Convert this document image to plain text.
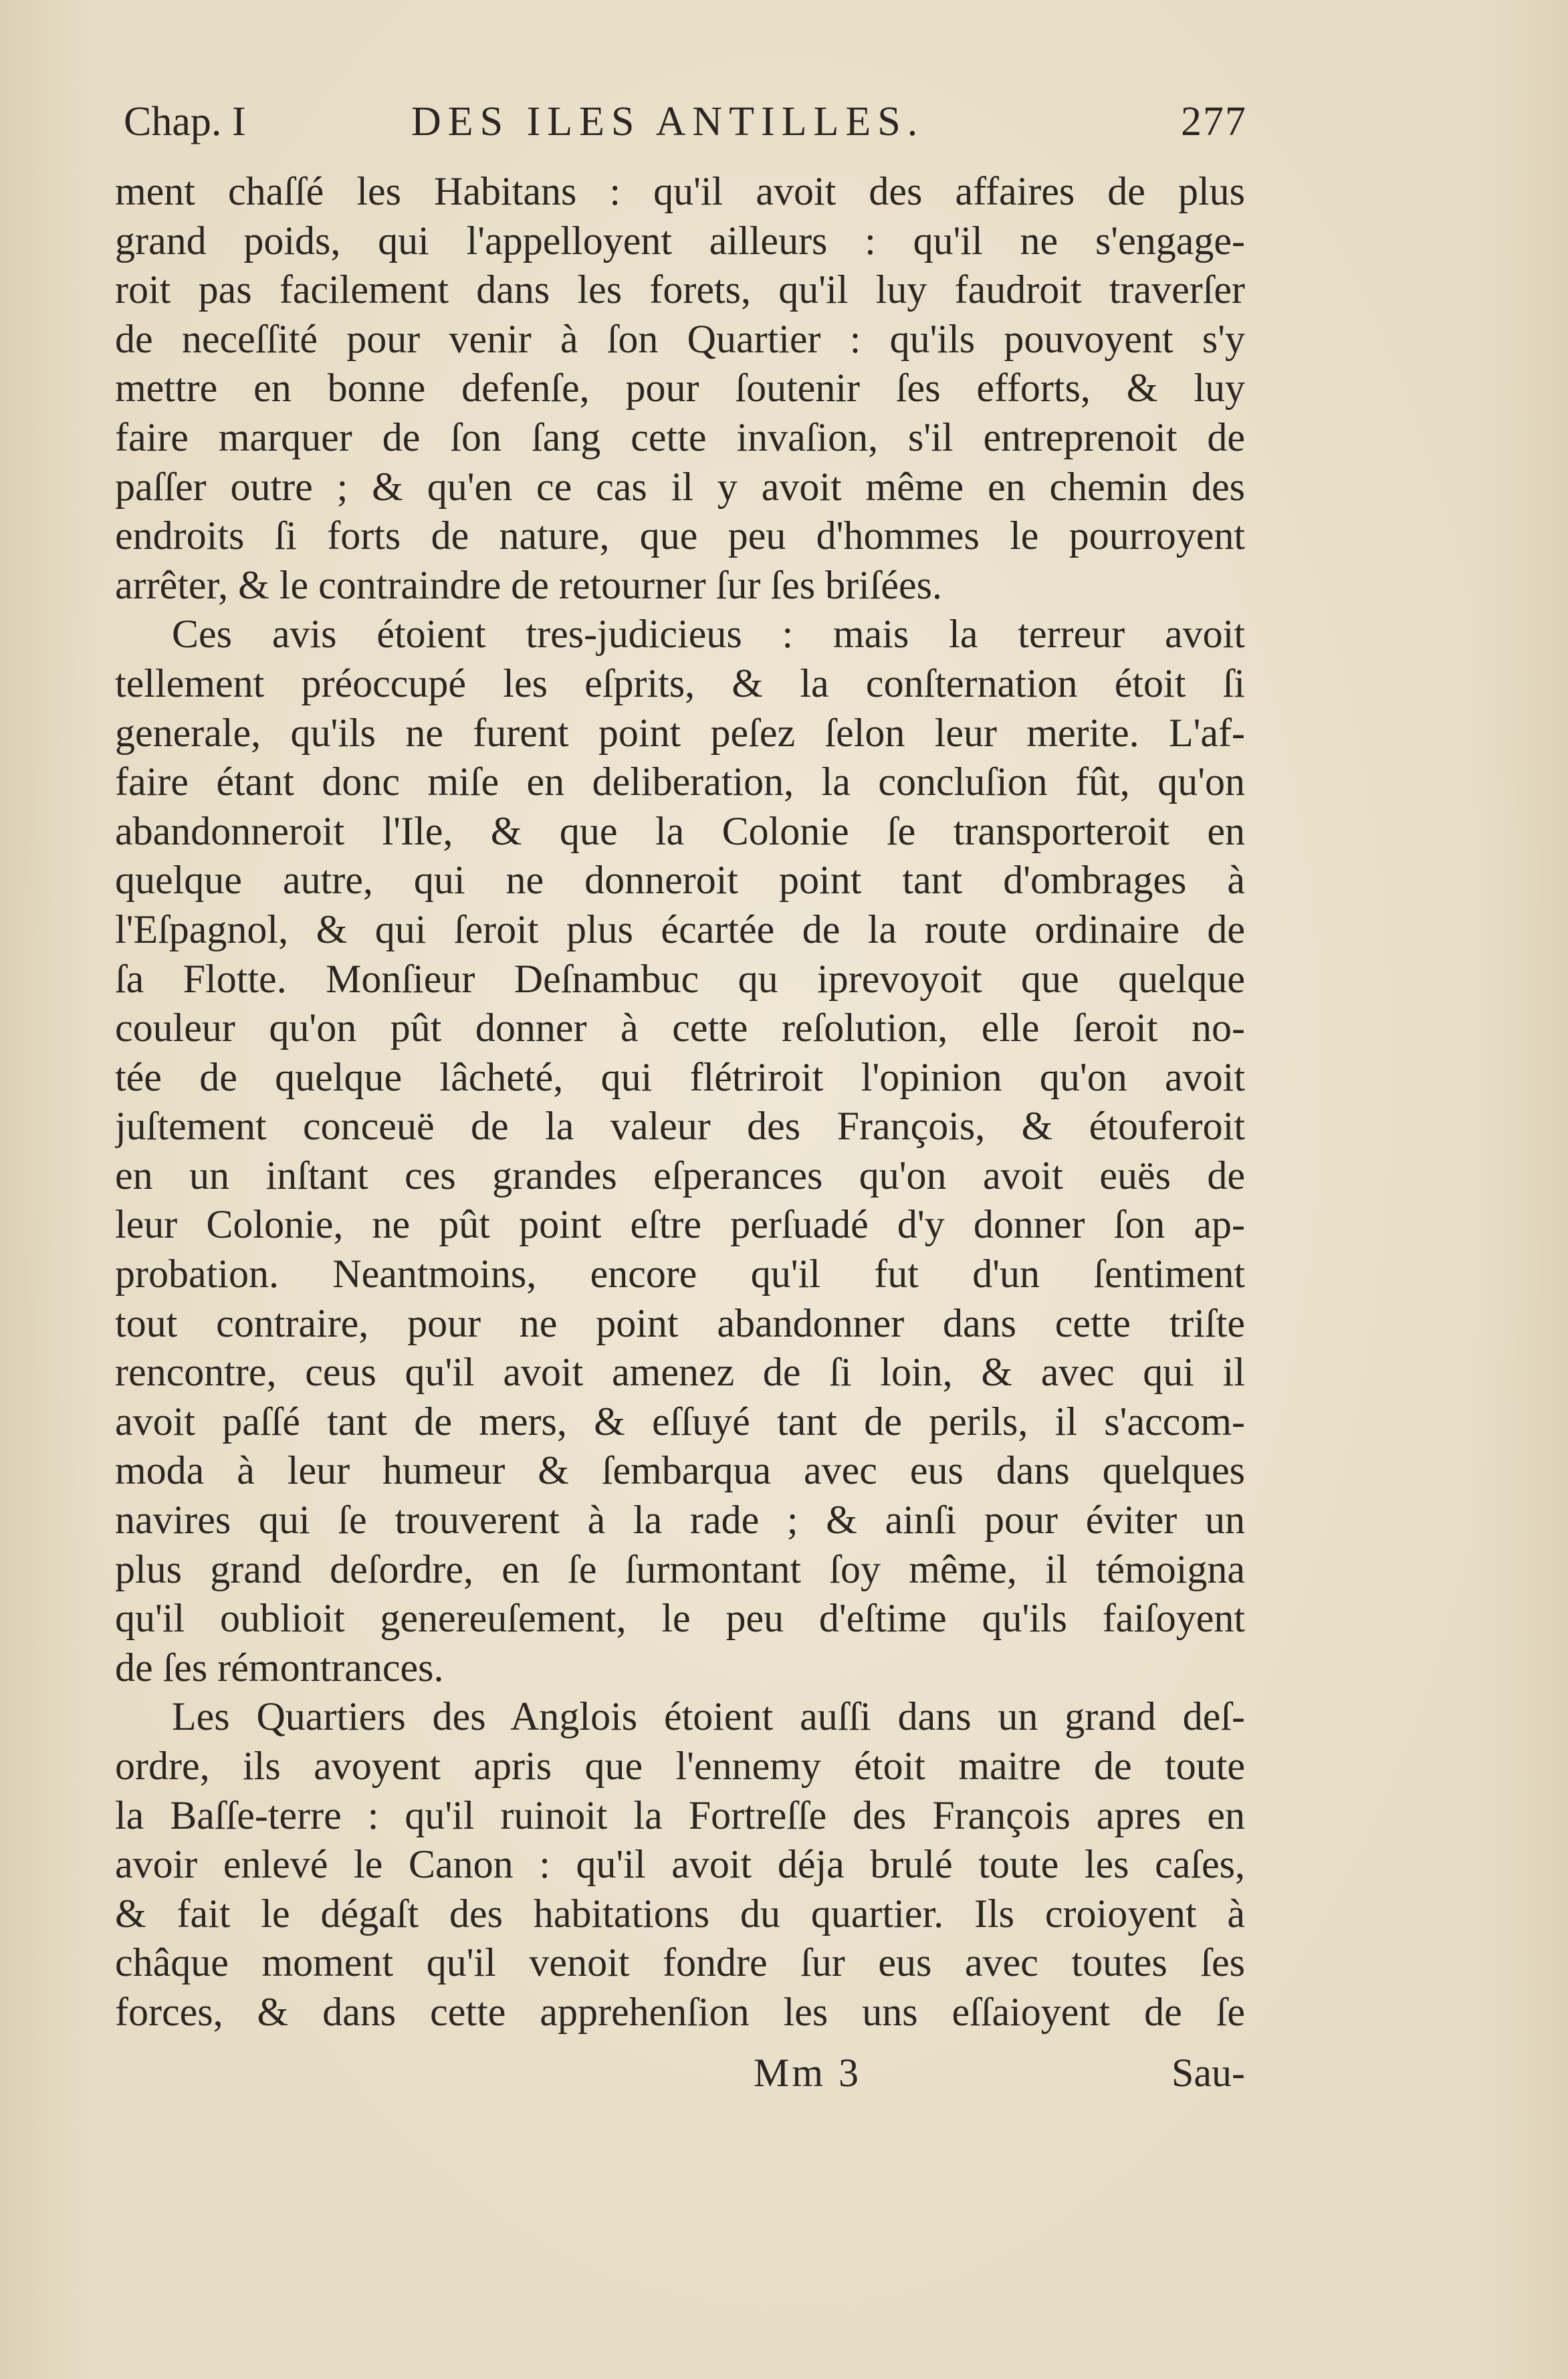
Chap. I	DES ILES ANTILLES.	277
ment chaſſé les Habitans : qu'il avoit des affaires de plus
grand poids, qui l'appelloyent ailleurs : qu'il ne s'engage-
roit pas facilement dans les forets, qu'il luy faudroit traverſer
de neceſſité pour venir à ſon Quartier : qu'ils pouvoyent s'y
mettre en bonne defenſe, pour ſoutenir ſes efforts, & luy
faire marquer de ſon ſang cette invaſion, s'il entreprenoit de
paſſer outre ; & qu'en ce cas il y avoit même en chemin des
endroits ſi forts de nature, que peu d'hommes le pourroyent
arrêter, & le contraindre de retourner ſur ſes briſées.
Ces avis étoient tres-judicieus : mais la terreur avoit
tellement préoccupé les eſprits, & la conſternation étoit ſi
generale, qu'ils ne furent point peſez ſelon leur merite. L'af-
faire étant donc miſe en deliberation, la concluſion fût, qu'on
abandonneroit l'Ile, & que la Colonie ſe transporteroit en
quelque autre, qui ne donneroit point tant d'ombrages à
l'Eſpagnol, & qui ſeroit plus écartée de la route ordinaire de
ſa Flotte. Monſieur Deſnambuc qu iprevoyoit que quelque
couleur qu'on pût donner à cette reſolution, elle ſeroit no-
tée de quelque lâcheté, qui flétriroit l'opinion qu'on avoit
juſtement conceuë de la valeur des François, & étouferoit
en un inſtant ces grandes eſperances qu'on avoit euës de
leur Colonie, ne pût point eſtre perſuadé d'y donner ſon ap-
probation. Neantmoins, encore qu'il fut d'un ſentiment
tout contraire, pour ne point abandonner dans cette triſte
rencontre, ceus qu'il avoit amenez de ſi loin, & avec qui il
avoit paſſé tant de mers, & eſſuyé tant de perils, il s'accom-
moda à leur humeur & ſembarqua avec eus dans quelques
navires qui ſe trouverent à la rade ; & ainſi pour éviter un
plus grand deſordre, en ſe ſurmontant ſoy même, il témoigna
qu'il oublioit genereuſement, le peu d'eſtime qu'ils faiſoyent
de ſes rémontrances.
Les Quartiers des Anglois étoient auſſi dans un grand deſ-
ordre, ils avoyent apris que l'ennemy étoit maitre de toute
la Baſſe-terre : qu'il ruinoit la Fortreſſe des François apres en
avoir enlevé le Canon : qu'il avoit déja brulé toute les caſes,
& fait le dégaſt des habitations du quartier. Ils croioyent à
châque moment qu'il venoit fondre ſur eus avec toutes ſes
forces, & dans cette apprehenſion les uns eſſaioyent de ſe
Mm 3	Sau-
